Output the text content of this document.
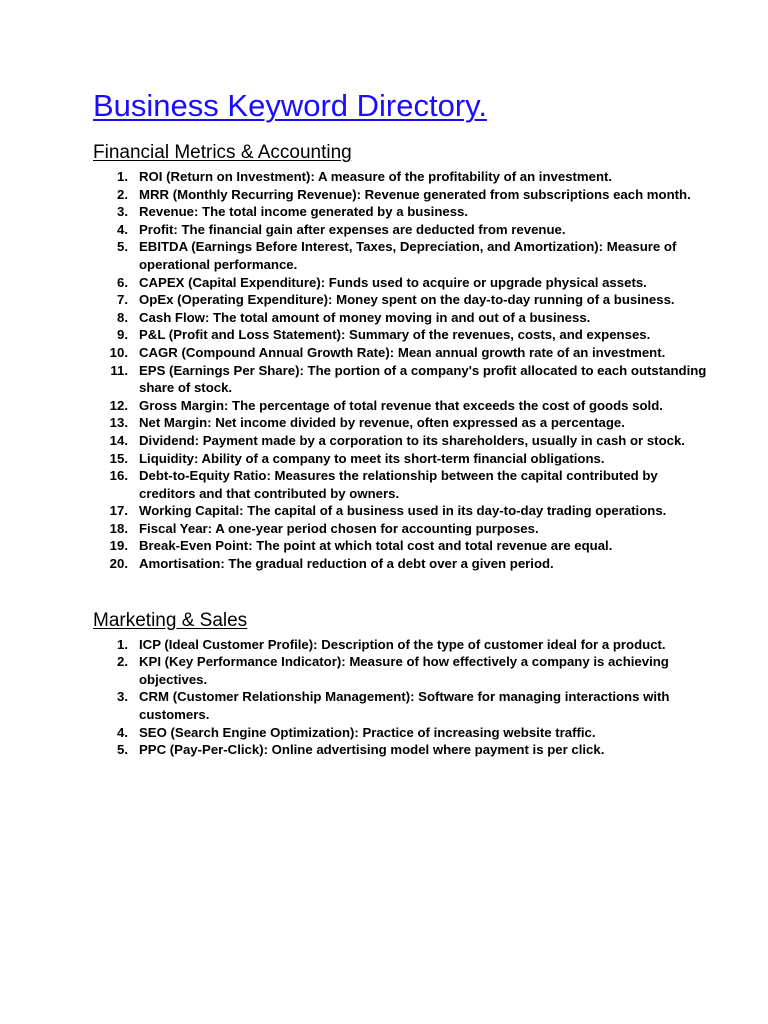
Business Keyword Directory.
Financial Metrics & Accounting
1. ROI (Return on Investment): A measure of the profitability of an investment.
2. MRR (Monthly Recurring Revenue): Revenue generated from subscriptions each month.
3. Revenue: The total income generated by a business.
4. Profit: The financial gain after expenses are deducted from revenue.
5. EBITDA (Earnings Before Interest, Taxes, Depreciation, and Amortization): Measure of operational performance.
6. CAPEX (Capital Expenditure): Funds used to acquire or upgrade physical assets.
7. OpEx (Operating Expenditure): Money spent on the day-to-day running of a business.
8. Cash Flow: The total amount of money moving in and out of a business.
9. P&L (Profit and Loss Statement): Summary of the revenues, costs, and expenses.
10. CAGR (Compound Annual Growth Rate): Mean annual growth rate of an investment.
11. EPS (Earnings Per Share): The portion of a company's profit allocated to each outstanding share of stock.
12. Gross Margin: The percentage of total revenue that exceeds the cost of goods sold.
13. Net Margin: Net income divided by revenue, often expressed as a percentage.
14. Dividend: Payment made by a corporation to its shareholders, usually in cash or stock.
15. Liquidity: Ability of a company to meet its short-term financial obligations.
16. Debt-to-Equity Ratio: Measures the relationship between the capital contributed by creditors and that contributed by owners.
17. Working Capital: The capital of a business used in its day-to-day trading operations.
18. Fiscal Year: A one-year period chosen for accounting purposes.
19. Break-Even Point: The point at which total cost and total revenue are equal.
20. Amortisation: The gradual reduction of a debt over a given period.
Marketing & Sales
1. ICP (Ideal Customer Profile): Description of the type of customer ideal for a product.
2. KPI (Key Performance Indicator): Measure of how effectively a company is achieving objectives.
3. CRM (Customer Relationship Management): Software for managing interactions with customers.
4. SEO (Search Engine Optimization): Practice of increasing website traffic.
5. PPC (Pay-Per-Click): Online advertising model where payment is per click.
